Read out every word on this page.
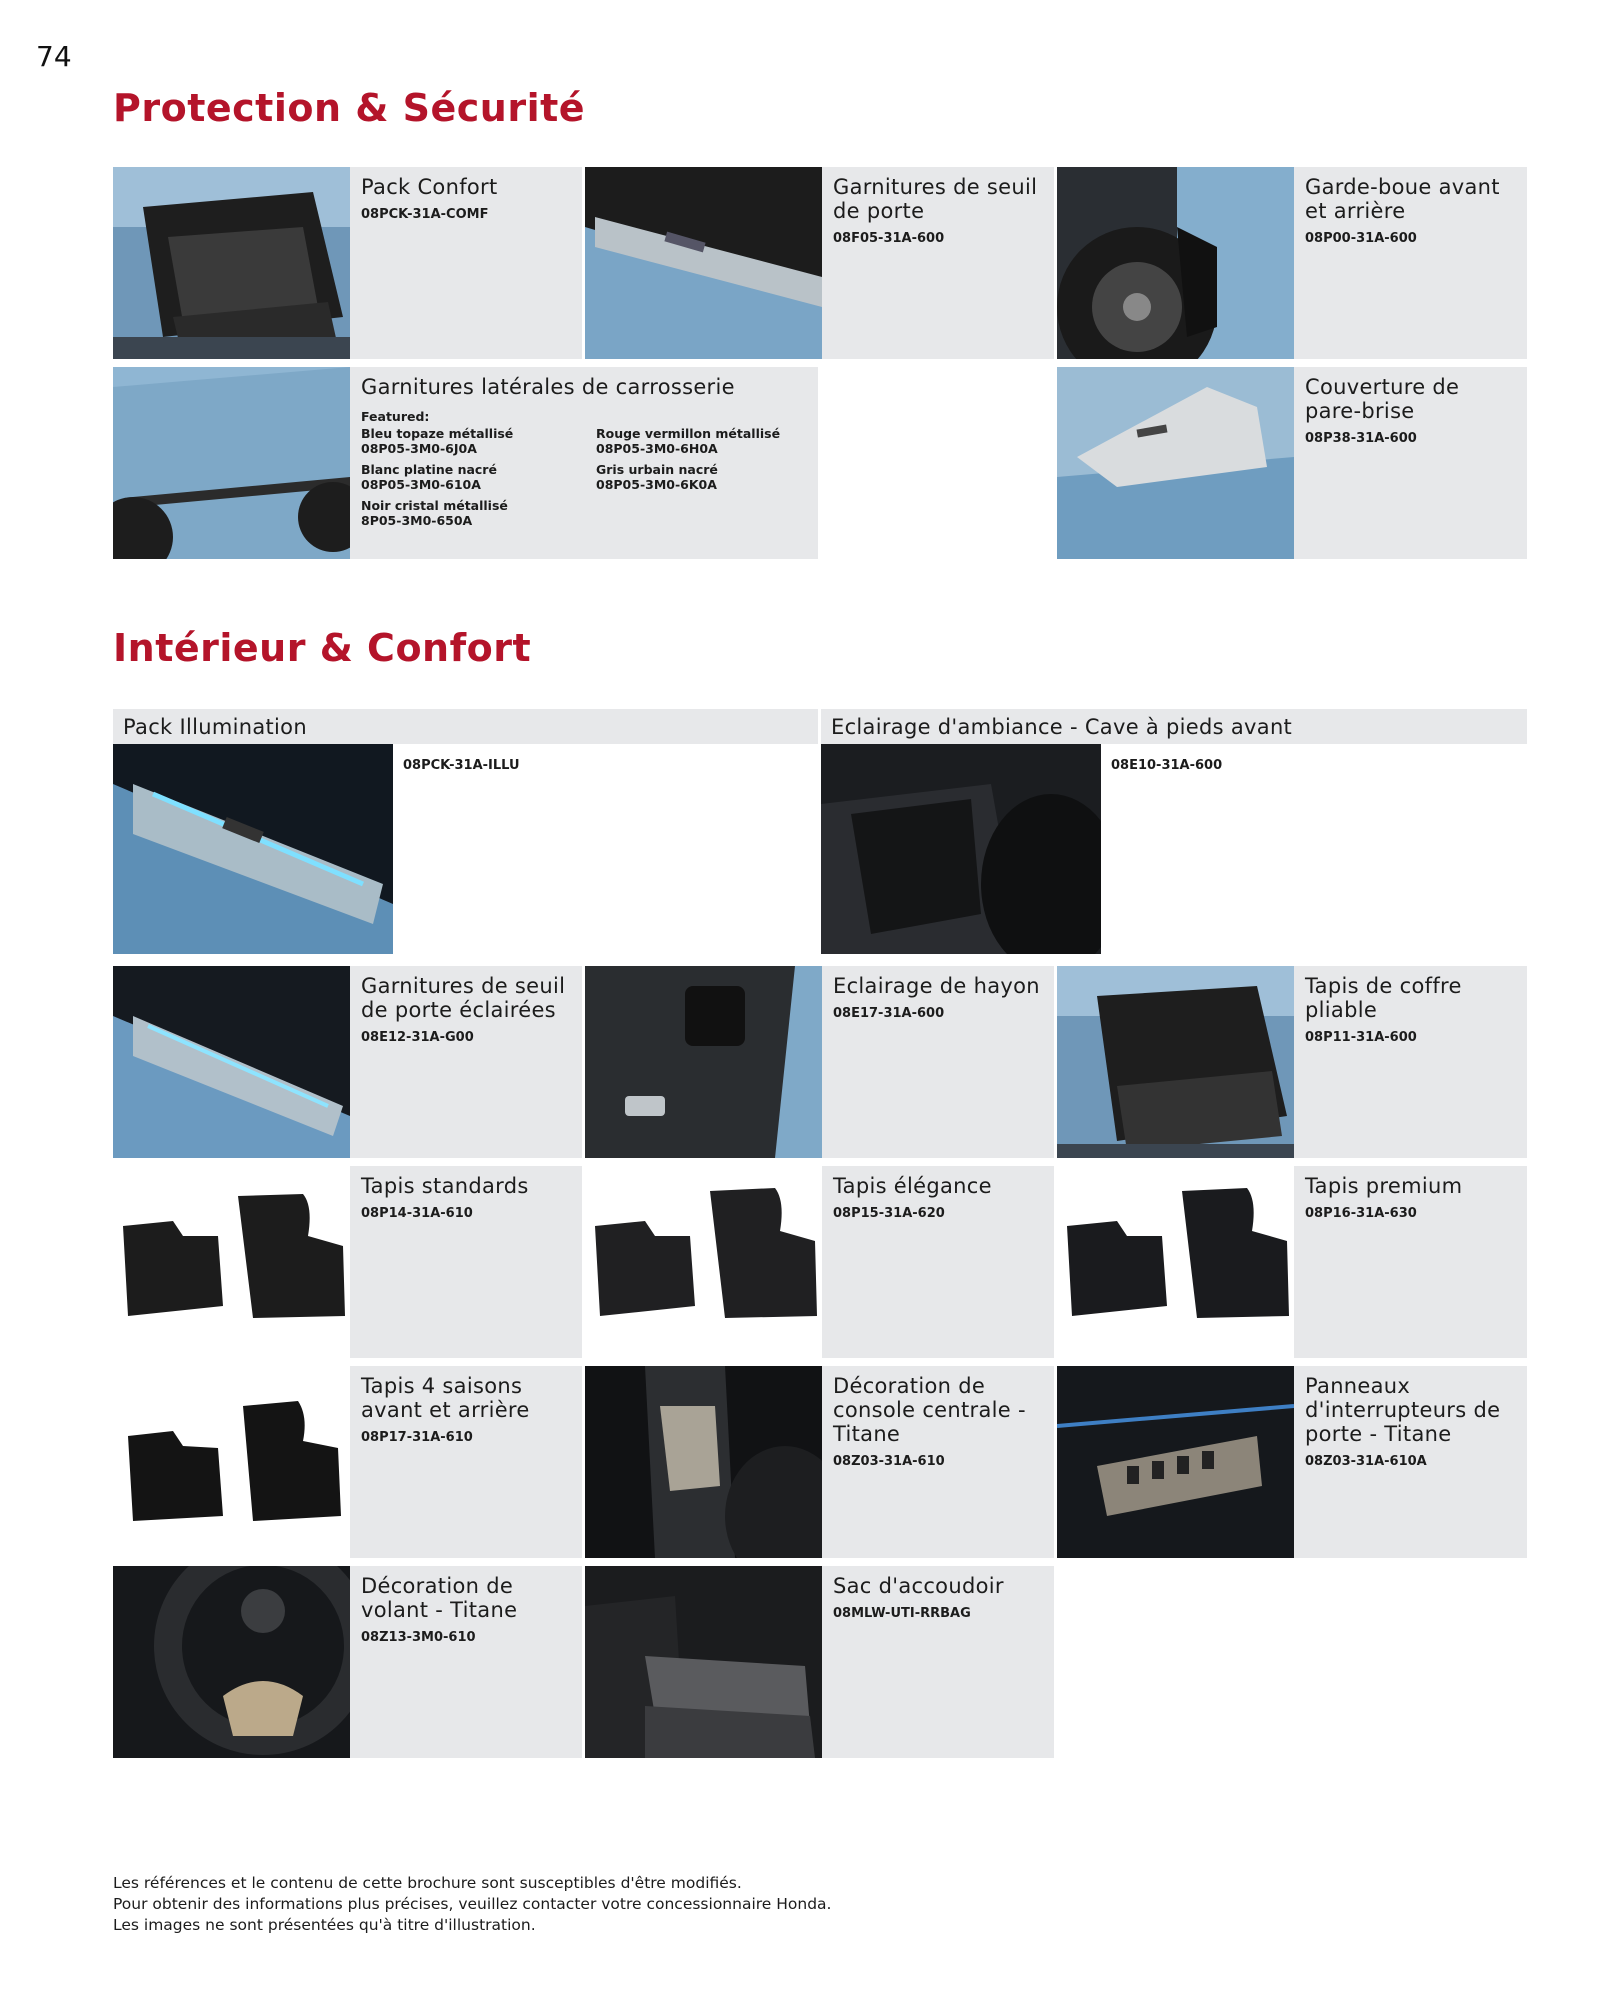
74
Protection & Sécurité
Pack Confort
08PCK-31A-COMF
Garnitures de seuil de porte
08F05-31A-600
Garde-boue avant et arrière
08P00-31A-600
Garnitures latérales de carrosserie
Featured:
Bleu topaze métallisé
08P05-3M0-6J0A
Rouge vermillon métallisé
08P05-3M0-6H0A
Blanc platine nacré
08P05-3M0-610A
Gris urbain nacré
08P05-3M0-6K0A
Noir cristal métallisé
8P05-3M0-650A
Couverture de pare-brise
08P38-31A-600
Intérieur & Confort
Pack Illumination
08PCK-31A-ILLU
Eclairage d'ambiance - Cave à pieds avant
08E10-31A-600
Garnitures de seuil de porte éclairées
08E12-31A-G00
Eclairage de hayon
08E17-31A-600
Tapis de coffre pliable
08P11-31A-600
Tapis standards
08P14-31A-610
Tapis élégance
08P15-31A-620
Tapis premium
08P16-31A-630
Tapis 4 saisons avant et arrière
08P17-31A-610
Décoration de console centrale - Titane
08Z03-31A-610
Panneaux d'interrupteurs de porte - Titane
08Z03-31A-610A
Décoration de volant - Titane
08Z13-3M0-610
Sac d'accoudoir
08MLW-UTI-RRBAG
Les références et le contenu de cette brochure sont susceptibles d'être modifiés.
Pour obtenir des informations plus précises, veuillez contacter votre concessionnaire Honda.
Les images ne sont présentées qu'à titre d'illustration.
